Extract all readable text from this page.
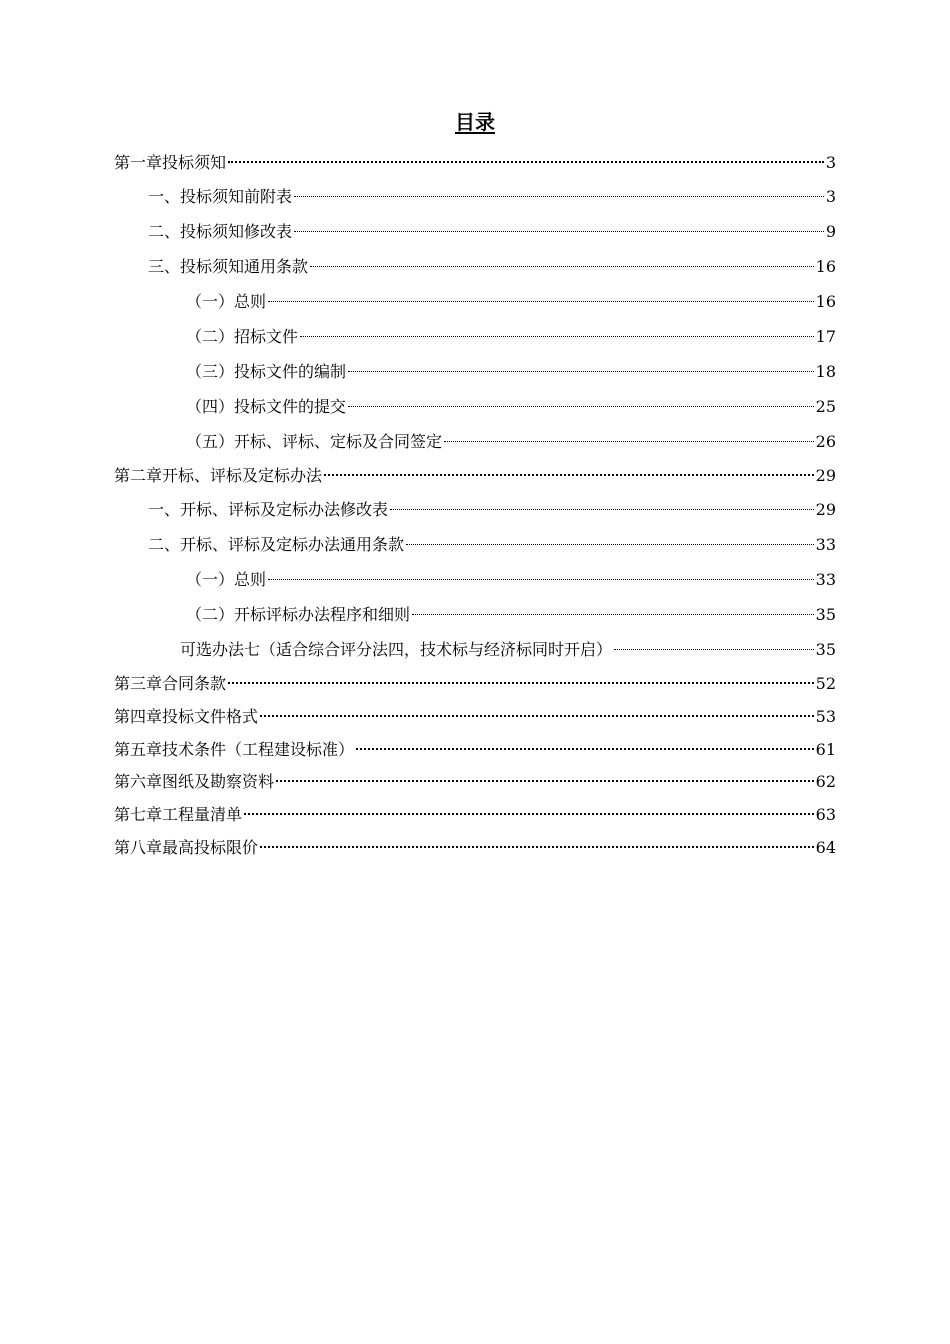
目录
第一章投标须知	3
一、投标须知前附表	3
二、投标须知修改表	9
三、投标须知通用条款	16
（一）总则	16
（二）招标文件	17
（三）投标文件的编制	18
（四）投标文件的提交	25
（五）开标、评标、定标及合同签定	26
第二章开标、评标及定标办法	29
一、开标、评标及定标办法修改表	29
二、开标、评标及定标办法通用条款	33
（一）总则	33
（二）开标评标办法程序和细则	35
可选办法七（适合综合评分法四，技术标与经济标同时开启）	35
第三章合同条款	52
第四章投标文件格式	53
第五章技术条件（工程建设标准）	61
第六章图纸及勘察资料	62
第七章工程量清单	63
第八章最高投标限价	64
